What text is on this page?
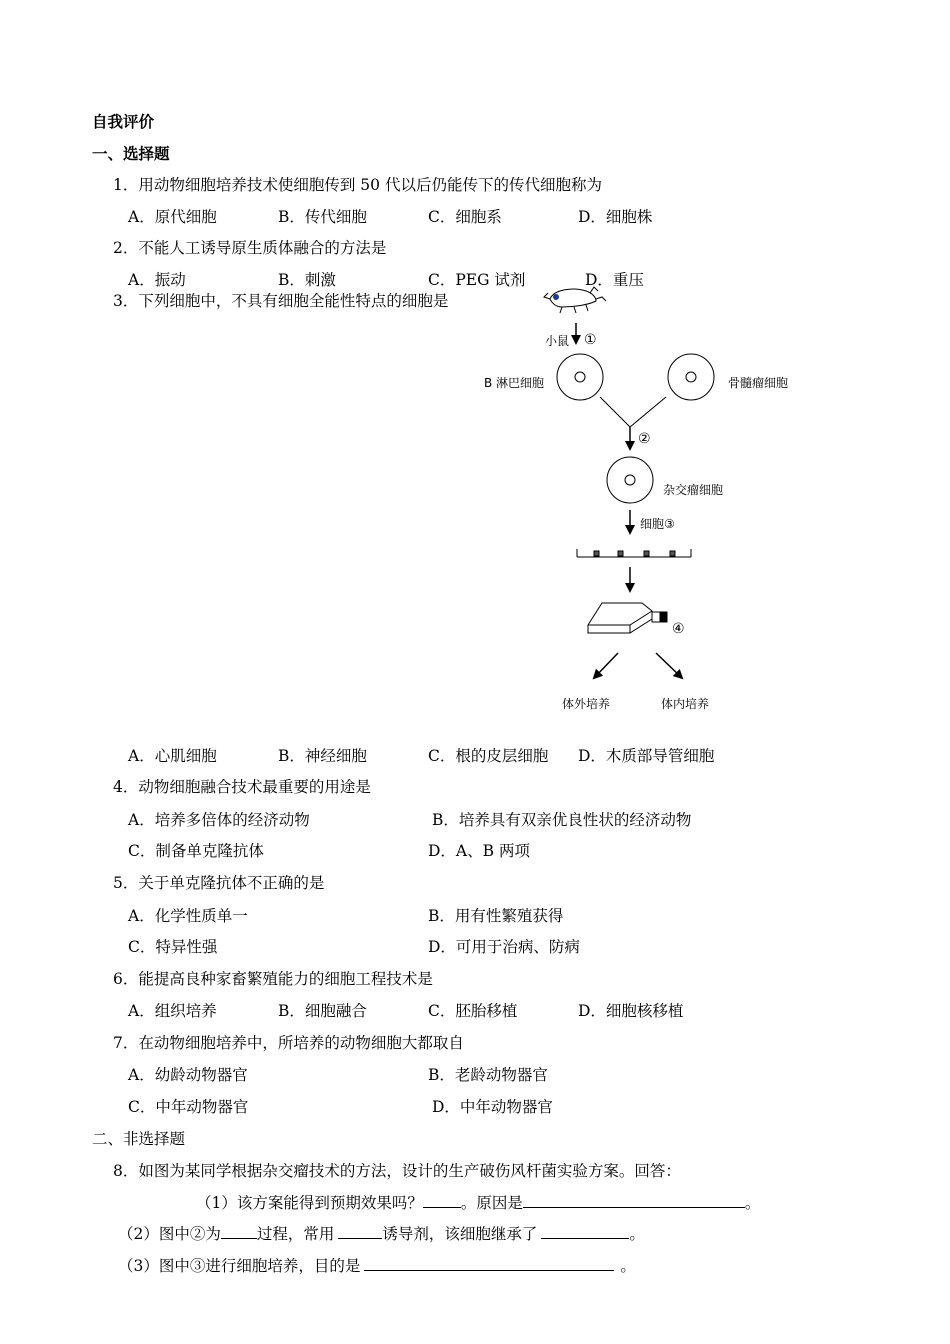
自我评价
一、选择题
1．用动物细胞培养技术使细胞传到 50 代以后仍能传下的传代细胞称为
A．原代细胞	B．传代细胞	C．细胞系	D．细胞株
2．不能人工诱导原生质体融合的方法是
A．振动	B．刺激	C．PEG 试剂	D．重压
3．下列细胞中，不具有细胞全能性特点的细胞是
小鼠 ①
B 淋巴细胞	骨髓瘤细胞
②
杂交瘤细胞
细胞③
④
体外培养	体内培养
A．心肌细胞	B．神经细胞	C．根的皮层细胞 D．木质部导管细胞
4．动物细胞融合技术最重要的用途是
A．培养多倍体的经济动物	B．培养具有双亲优良性状的经济动物
C．制备单克隆抗体	D．A、B 两项
5．关于单克隆抗体不正确的是
A．化学性质单一	B．用有性繁殖获得
C．特异性强	D．可用于治病、防病
6．能提高良种家畜繁殖能力的细胞工程技术是
A．组织培养	B．细胞融合	C．胚胎移植	D．细胞核移植
7．在动物细胞培养中，所培养的动物细胞大都取自
A．幼龄动物器官	B．老龄动物器官
C．中年动物器官	D．中年动物器官
二、非选择题
8．如图为某同学根据杂交瘤技术的方法，设计的生产破伤风杆菌实验方案。回答：
（1）该方案能得到预期效果吗？ 。原因是	。
（2）图中②为 过程，常用	诱导剂，该细胞继承了	。
（3）图中③进行细胞培养，目的是	。
